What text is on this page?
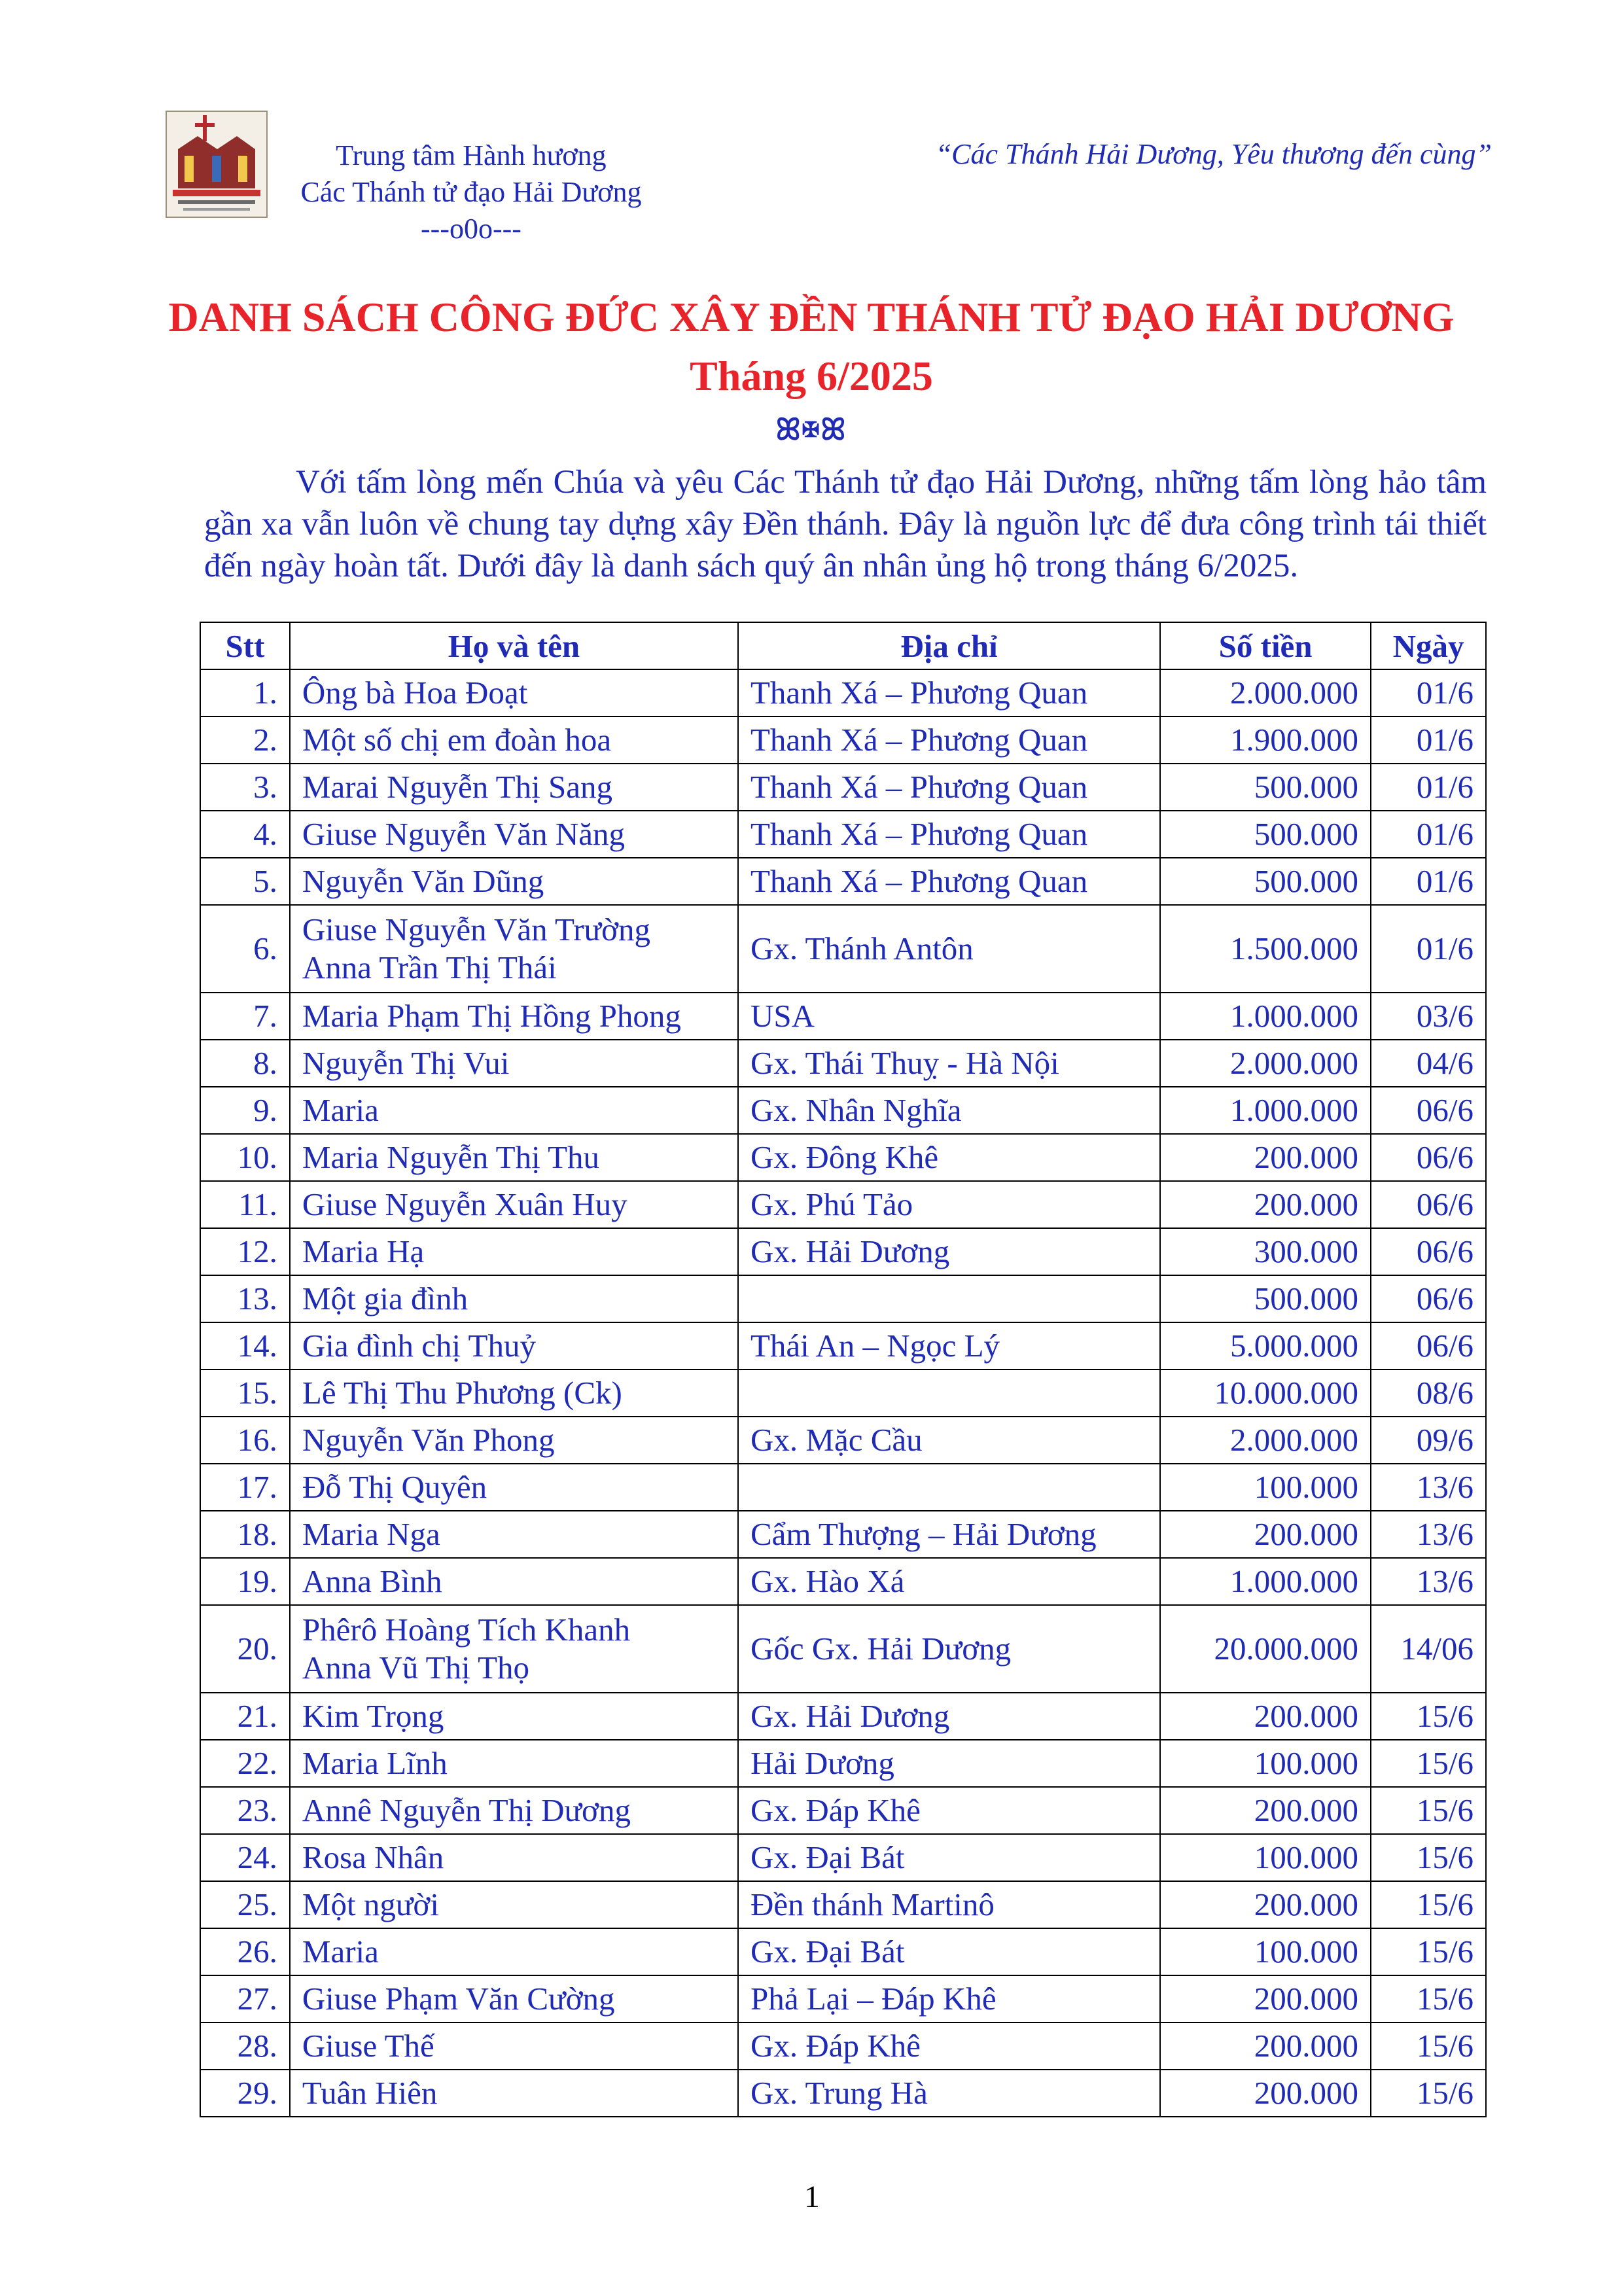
Trung tâm Hành hương
Các Thánh tử đạo Hải Dương
---o0o---
“Các Thánh Hải Dương, Yêu thương đến cùng”
DANH SÁCH CÔNG ĐỨC XÂY ĐỀN THÁNH TỬ ĐẠO HẢI DƯƠNG
Tháng 6/2025
ꕤ✠ꕤ
Với tấm lòng mến Chúa và yêu Các Thánh tử đạo Hải Dương, những tấm lòng hảo tâm gần xa vẫn luôn về chung tay dựng xây Đền thánh. Đây là nguồn lực để đưa công trình tái thiết đến ngày hoàn tất. Dưới đây là danh sách quý ân nhân ủng hộ trong tháng 6/2025.
Stt	Họ và tên	Địa chỉ	Số tiền	Ngày
1.	Ông bà Hoa Đoạt	Thanh Xá – Phương Quan	2.000.000	01/6
2.	Một số chị em đoàn hoa	Thanh Xá – Phương Quan	1.900.000	01/6
3.	Marai Nguyễn Thị Sang	Thanh Xá – Phương Quan	500.000	01/6
4.	Giuse Nguyễn Văn Năng	Thanh Xá – Phương Quan	500.000	01/6
5.	Nguyễn Văn Dũng	Thanh Xá – Phương Quan	500.000	01/6
6.	Giuse Nguyễn Văn Trường
Anna Trần Thị Thái	Gx. Thánh Antôn	1.500.000	01/6
7.	Maria Phạm Thị Hồng Phong	USA	1.000.000	03/6
8.	Nguyễn Thị Vui	Gx. Thái Thuỵ - Hà Nội	2.000.000	04/6
9.	Maria	Gx. Nhân Nghĩa	1.000.000	06/6
10.	Maria Nguyễn Thị Thu	Gx. Đông Khê	200.000	06/6
11.	Giuse Nguyễn Xuân Huy	Gx. Phú Tảo	200.000	06/6
12.	Maria Hạ	Gx. Hải Dương	300.000	06/6
13.	Một gia đình		500.000	06/6
14.	Gia đình chị Thuỷ	Thái An – Ngọc Lý	5.000.000	06/6
15.	Lê Thị Thu Phương (Ck)		10.000.000	08/6
16.	Nguyễn Văn Phong	Gx. Mặc Cầu	2.000.000	09/6
17.	Đỗ Thị Quyên		100.000	13/6
18.	Maria Nga	Cẩm Thượng – Hải Dương	200.000	13/6
19.	Anna Bình	Gx. Hào Xá	1.000.000	13/6
20.	Phêrô Hoàng Tích Khanh
Anna Vũ Thị Thọ	Gốc Gx. Hải Dương	20.000.000	14/06
21.	Kim Trọng	Gx. Hải Dương	200.000	15/6
22.	Maria Lĩnh	Hải Dương	100.000	15/6
23.	Annê Nguyễn Thị Dương	Gx. Đáp Khê	200.000	15/6
24.	Rosa Nhân	Gx. Đại Bát	100.000	15/6
25.	Một người	Đền thánh Martinô	200.000	15/6
26.	Maria	Gx. Đại Bát	100.000	15/6
27.	Giuse Phạm Văn Cường	Phả Lại – Đáp Khê	200.000	15/6
28.	Giuse Thế	Gx. Đáp Khê	200.000	15/6
29.	Tuân Hiên	Gx. Trung Hà	200.000	15/6
1
